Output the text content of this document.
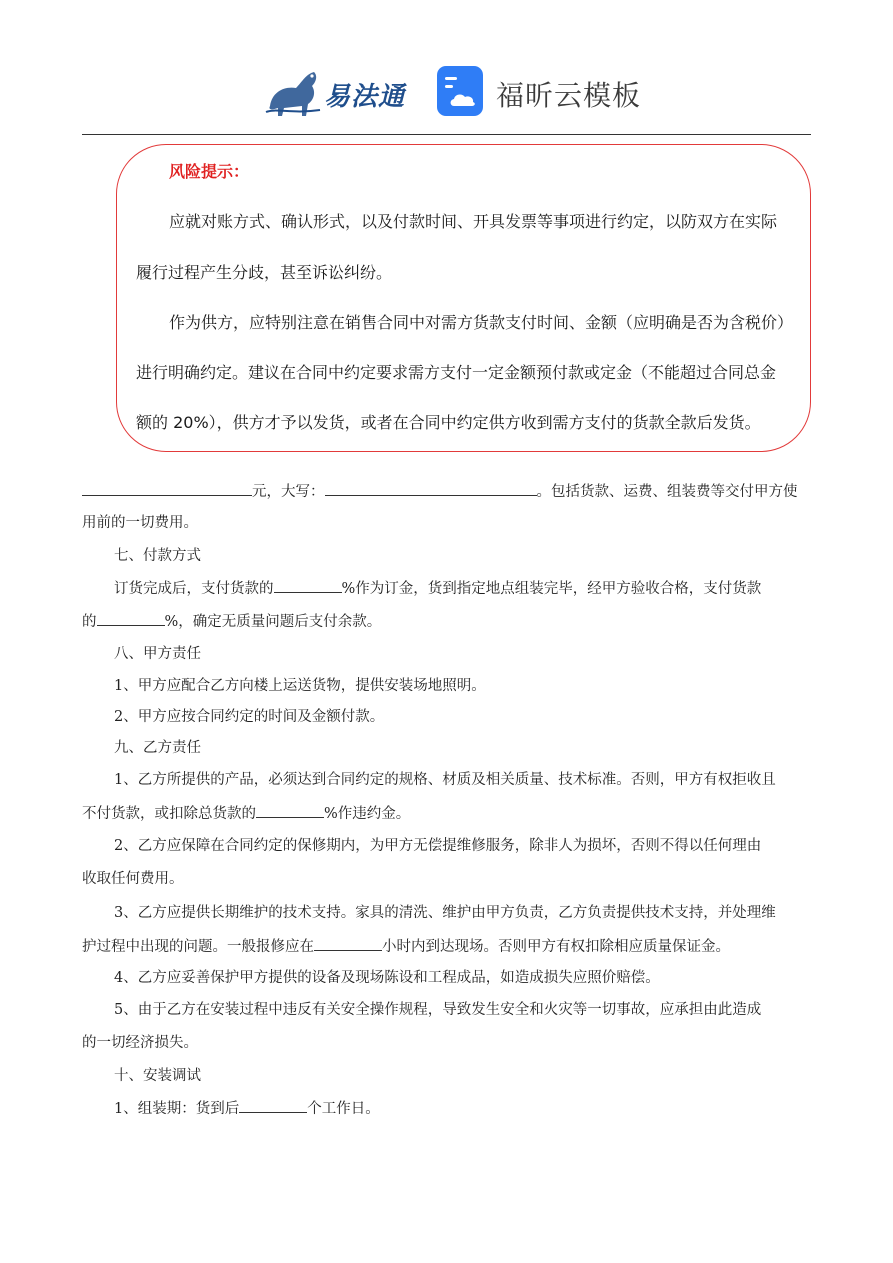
易法通	福昕云模板
风险提示：
应就对账方式、确认形式，以及付款时间、开具发票等事项进行约定，以防双方在实际
履行过程产生分歧，甚至诉讼纠纷。
作为供方，应特别注意在销售合同中对需方货款支付时间、金额（应明确是否为含税价）
进行明确约定。建议在合同中约定要求需方支付一定金额预付款或定金（不能超过合同总金
额的 20%），供方才予以发货，或者在合同中约定供方收到需方支付的货款全款后发货。
元，大写：	。包括货款、运费、组装费等交付甲方使
用前的一切费用。
七、付款方式
订货完成后，支付货款的	%作为订金，货到指定地点组装完毕，经甲方验收合格，支付货款
的	%，确定无质量问题后支付余款。
八、甲方责任
1、甲方应配合乙方向楼上运送货物，提供安装场地照明。
2、甲方应按合同约定的时间及金额付款。
九、乙方责任
1、乙方所提供的产品，必须达到合同约定的规格、材质及相关质量、技术标准。否则，甲方有权拒收且
不付货款，或扣除总货款的	%作违约金。
2、乙方应保障在合同约定的保修期内，为甲方无偿提维修服务，除非人为损坏，否则不得以任何理由
收取任何费用。
3、乙方应提供长期维护的技术支持。家具的清洗、维护由甲方负责，乙方负责提供技术支持，并处理维
护过程中出现的问题。一般报修应在	小时内到达现场。否则甲方有权扣除相应质量保证金。
4、乙方应妥善保护甲方提供的设备及现场陈设和工程成品，如造成损失应照价赔偿。
5、由于乙方在安装过程中违反有关安全操作规程，导致发生安全和火灾等一切事故，应承担由此造成
的一切经济损失。
十、安装调试
1、组装期：货到后	个工作日。
